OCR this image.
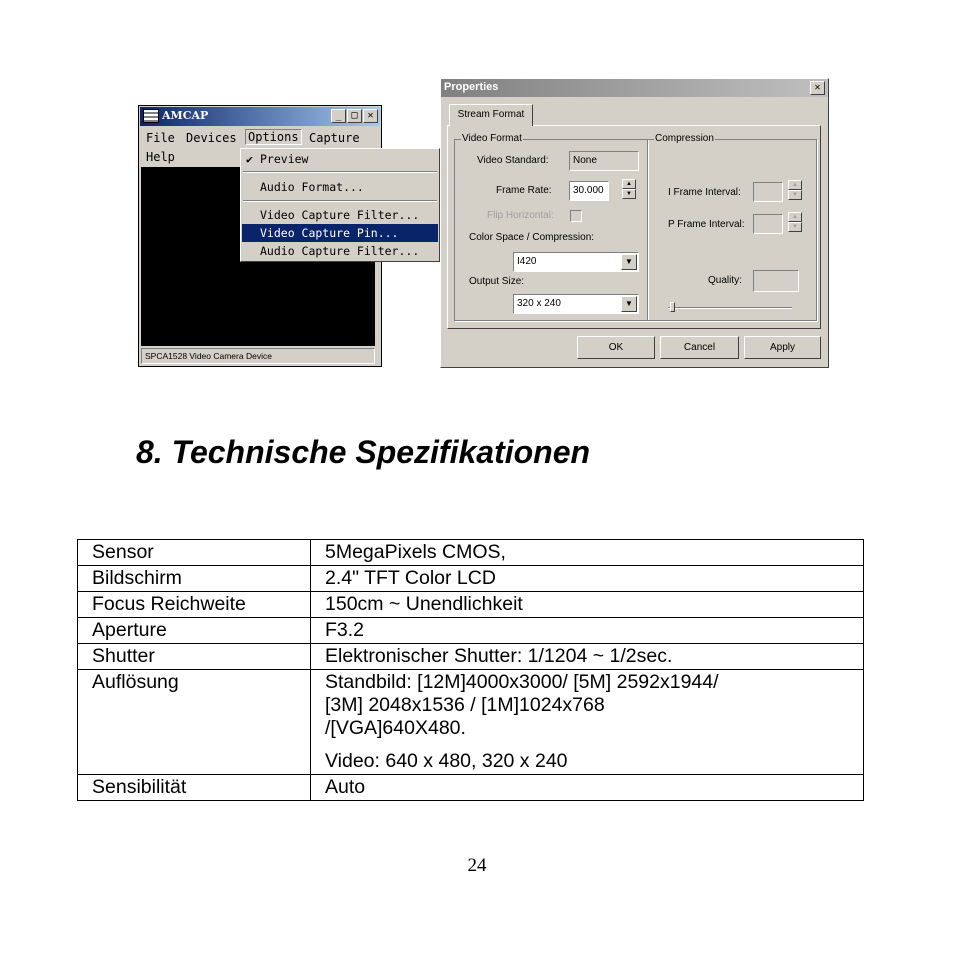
AMCAP	_ □ ✕
File Devices Options Capture
Help
SPCA1528 Video Camera Device
✔ Preview
Audio Format...
Video Capture Filter...
Video Capture Pin...
Audio Capture Filter...
Properties	✕
Stream Format
Video Format
Video Standard:	None
Frame Rate:	30.000
▲
▼
Flip Horizontal:
Color Space / Compression:
I420	▼
Output Size:
320 x 240	▼
Compression
I Frame Interval:
▲
▼
P Frame Interval:
▲
▼
Quality:
OK	Cancel	Apply
8. Technische Spezifikationen
Sensor	5MegaPixels CMOS,
Bildschirm	2.4" TFT Color LCD
Focus Reichweite	150cm ~ Unendlichkeit
Aperture	F3.2
Shutter	Elektronischer Shutter: 1/1204 ~ 1/2sec.
Auflösung	Standbild: [12M]4000x3000/ [5M] 2592x1944/

[3M] 2048x1536 / [1M]1024x768

/[VGA]640X480.

Video: 640 x 480, 320 x 240

Sensibilität	Auto
24
